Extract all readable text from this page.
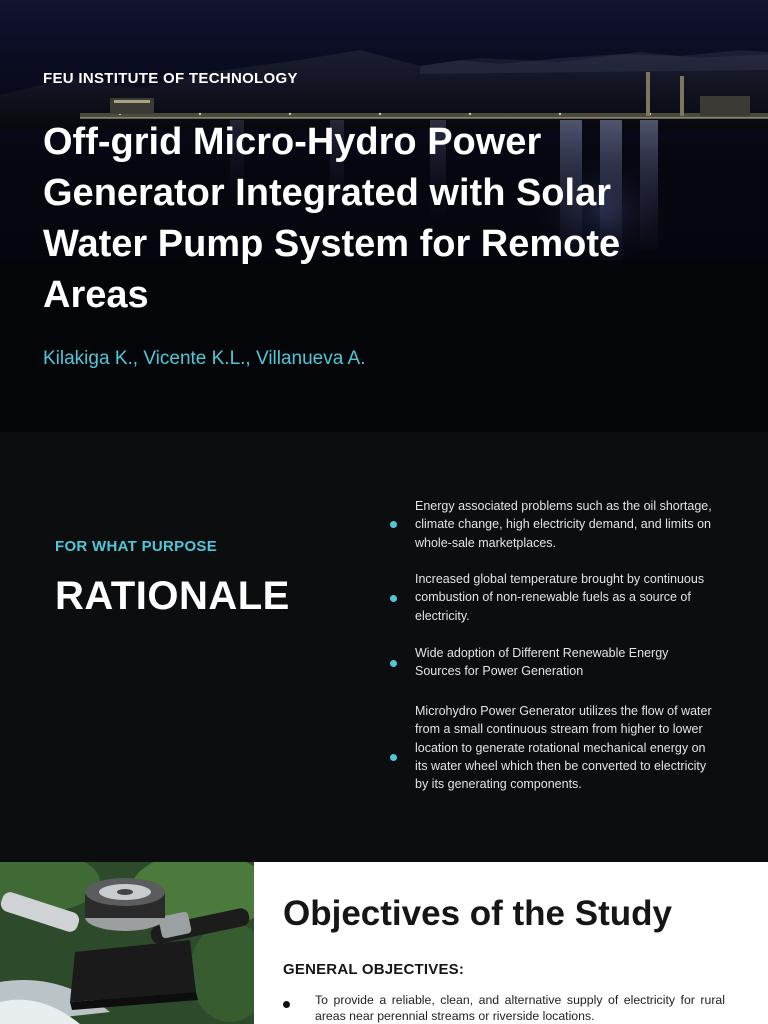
FEU INSTITUTE OF TECHNOLOGY
Off-grid Micro-Hydro Power Generator Integrated with Solar Water Pump System for Remote Areas
Kilakiga K., Vicente K.L., Villanueva A.
FOR WHAT PURPOSE
RATIONALE

Energy associated problems such as the oil shortage, climate change, high electricity demand, and limits on whole-sale marketplaces.

Increased global temperature brought by continuous combustion of non-renewable fuels as a source of electricity.

Wide adoption of Different Renewable Energy Sources for Power Generation

Microhydro Power Generator utilizes the flow of water from a small continuous stream from higher to lower location to generate rotational mechanical energy on its water wheel which then be converted to electricity by its generating components.

Objectives of the Study
GENERAL OBJECTIVES:

To provide a reliable, clean, and alternative supply of electricity for rural areas near perennial streams or riverside locations.
